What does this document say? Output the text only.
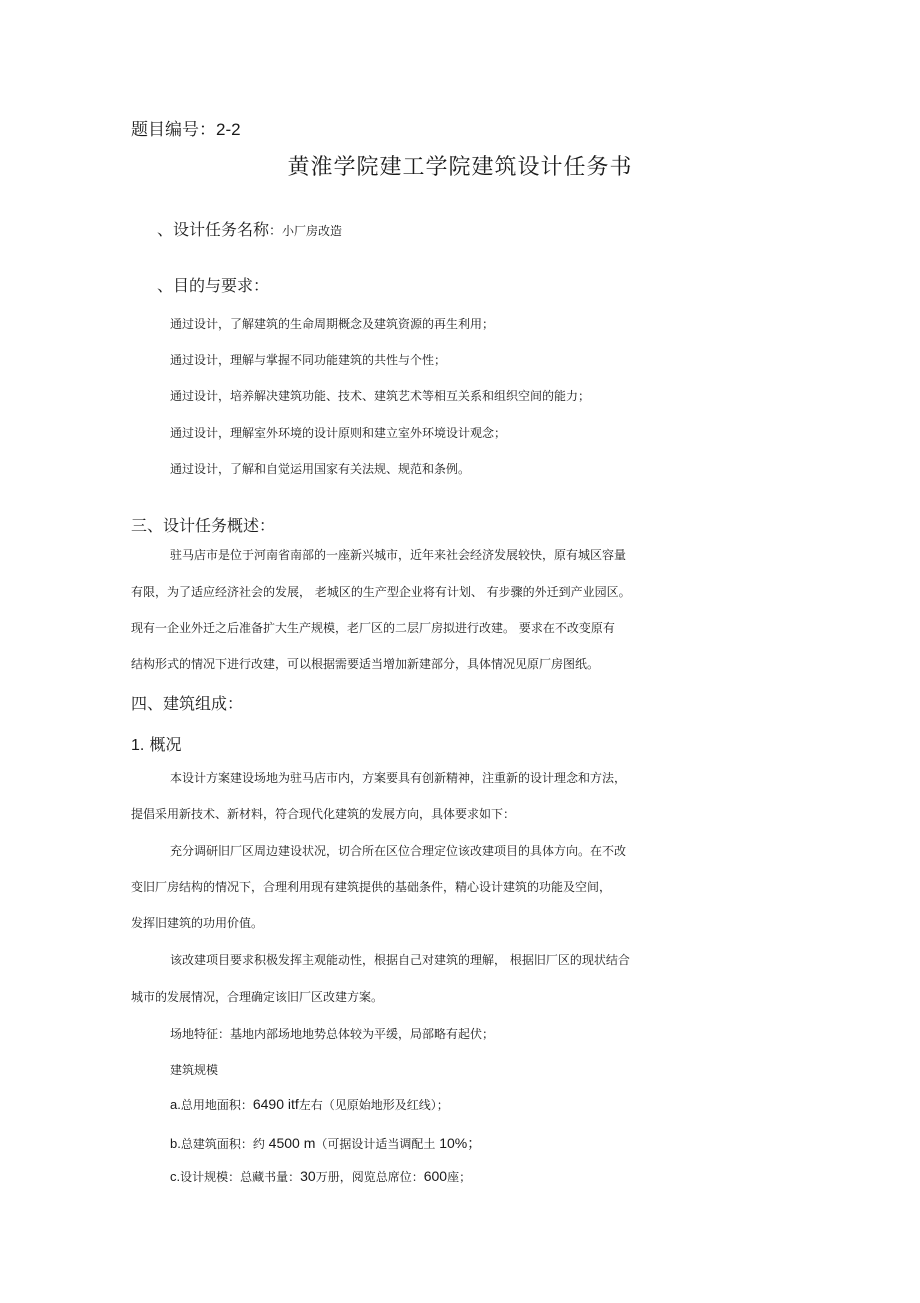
题目编号：2-2
黄淮学院建工学院建筑设计任务书
、设计任务名称：小厂房改造
、目的与要求：
通过设计，了解建筑的生命周期概念及建筑资源的再生利用；
通过设计，理解与掌握不同功能建筑的共性与个性；
通过设计，培养解决建筑功能、技术、建筑艺术等相互关系和组织空间的能力；
通过设计，理解室外环境的设计原则和建立室外环境设计观念；
通过设计，了解和自觉运用国家有关法规、规范和条例。
三、设计任务概述：
驻马店市是位于河南省南部的一座新兴城市，近年来社会经济发展较快，原有城区容量
有限，为了适应经济社会的发展， 老城区的生产型企业将有计划、 有步骤的外迁到产业园区。
现有一企业外迁之后准备扩大生产规模，老厂区的二层厂房拟进行改建。 要求在不改变原有
结构形式的情况下进行改建，可以根据需要适当增加新建部分，具体情况见原厂房图纸。
四、建筑组成：
1. 概况
本设计方案建设场地为驻马店市内，方案要具有创新精神，注重新的设计理念和方法，
提倡采用新技术、新材料，符合现代化建筑的发展方向，具体要求如下：
充分调研旧厂区周边建设状况，切合所在区位合理定位该改建项目的具体方向。在不改
变旧厂房结构的情况下，合理利用现有建筑提供的基础条件，精心设计建筑的功能及空间，
发挥旧建筑的功用价值。
该改建项目要求积极发挥主观能动性，根据自己对建筑的理解， 根据旧厂区的现状结合
城市的发展情况，合理确定该旧厂区改建方案。
场地特征：基地内部场地地势总体较为平缓，局部略有起伏；
建筑规模
a.总用地面积：6490 itf左右（见原始地形及红线）；
b.总建筑面积：约 4500 m（可据设计适当调配土 10%；
c.设计规模：总藏书量：30万册，阅览总席位：600座；
